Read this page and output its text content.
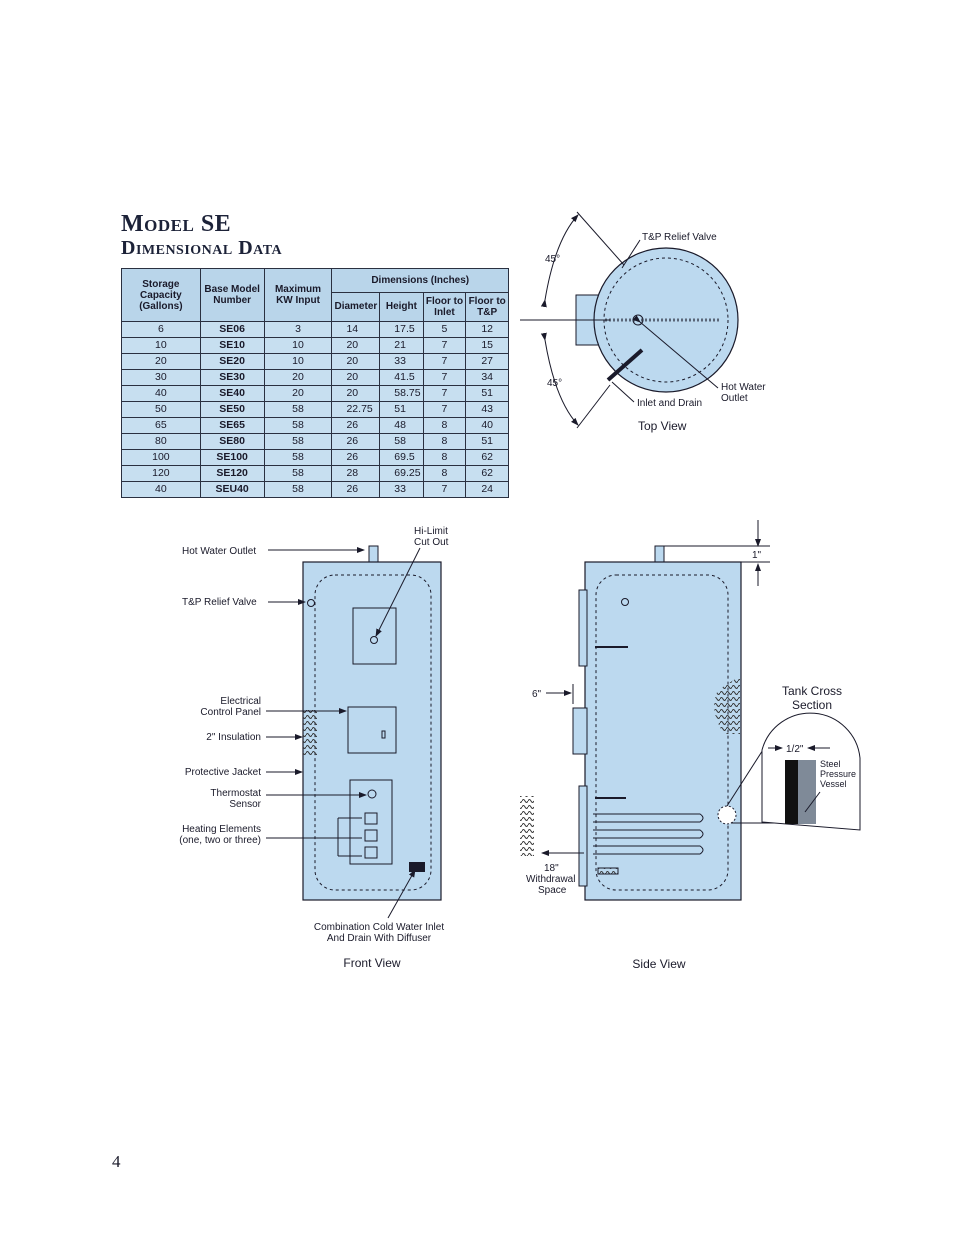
Model SE
Dimensional Data
Storage Capacity (Gallons)	Base Model Number	Maximum KW Input	Dimensions (Inches)			
			Diameter	Height	Floor to Inlet	Floor to T&P
6	SE06	3	14	17.5	5	12
10	SE10	10	20	21	7	15
20	SE20	10	20	33	7	27
30	SE30	20	20	41.5	7	34
40	SE40	20	20	58.75	7	51
50	SE50	58	22.75	51	7	43
65	SE65	58	26	48	8	40
80	SE80	58	26	58	8	51
100	SE100	58	26	69.5	8	62
120	SE120	58	28	69.25	8	62
40	SEU40	58	26	33	7	24
45°
45°
T&P Relief Valve
Hot Water
Outlet
Inlet and Drain
Top View
Hi-Limit
Cut Out
Hot Water Outlet
T&P Relief Valve
Electrical
Control Panel
2" Insulation
Protective Jacket
Thermostat
Sensor
Heating Elements
(one, two or three)
Combination Cold Water Inlet
And Drain With Diffuser
Front View
1"
6"
18"
Withdrawal
Space
1/2"
Steel
Pressure
Vessel
Tank Cross
Section
Side View
4
